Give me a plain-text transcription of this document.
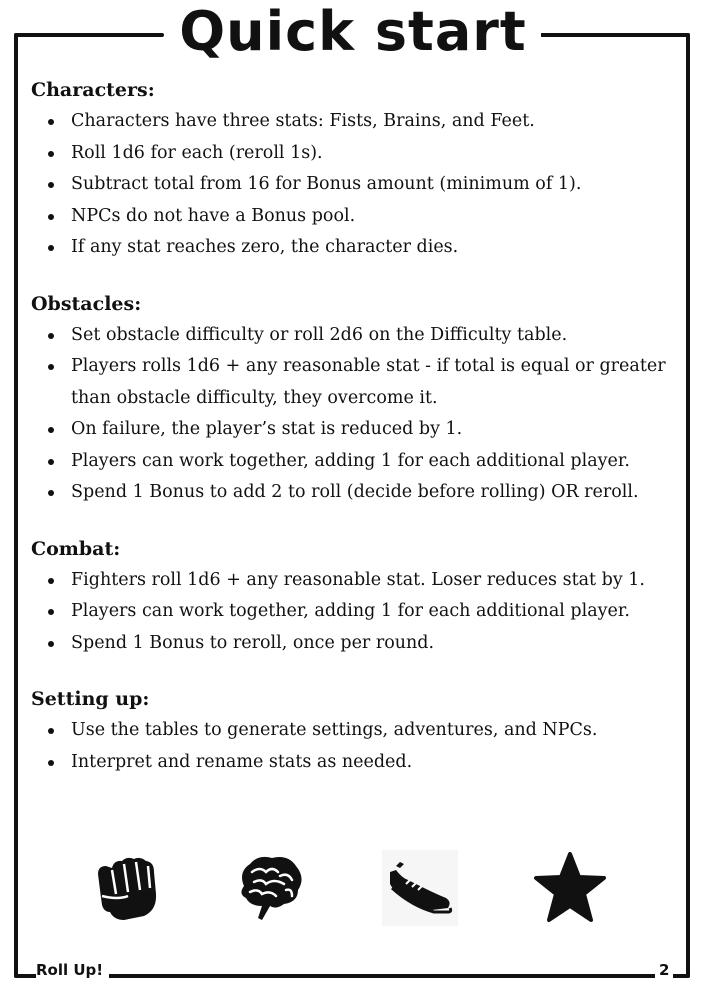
Quick start
Characters:
Characters have three stats: Fists, Brains, and Feet.
Roll 1d6 for each (reroll 1s).
Subtract total from 16 for Bonus amount (minimum of 1).
NPCs do not have a Bonus pool.
If any stat reaches zero, the character dies.
Obstacles:
Set obstacle difficulty or roll 2d6 on the Difficulty table.
Players rolls 1d6 + any reasonable stat - if total is equal or greater than obstacle difficulty, they overcome it.
On failure, the player’s stat is reduced by 1.
Players can work together, adding 1 for each additional player.
Spend 1 Bonus to add 2 to roll (decide before rolling) OR reroll.
Combat:
Fighters roll 1d6 + any reasonable stat. Loser reduces stat by 1.
Players can work together, adding 1 for each additional player.
Spend 1 Bonus to reroll, once per round.
Setting up:
Use the tables to generate settings, adventures, and NPCs.
Interpret and rename stats as needed.
Roll Up!	2
